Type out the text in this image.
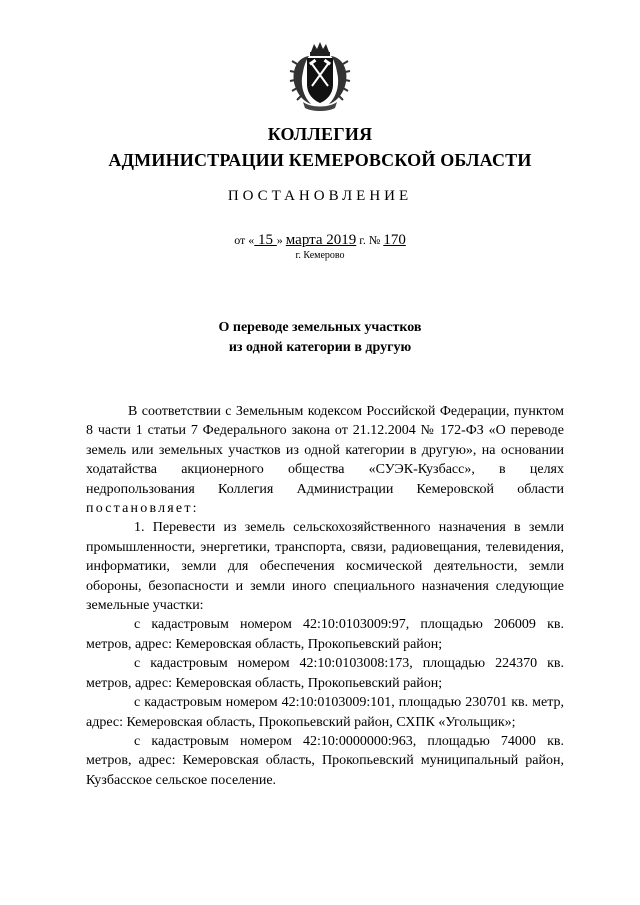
КОЛЛЕГИЯ
АДМИНИСТРАЦИИ КЕМЕРОВСКОЙ ОБЛАСТИ
ПОСТАНОВЛЕНИЕ
от « 15 » марта 2019 г. № 170
г. Кемерово
О переводе земельных участков
из одной категории в другую

В соответствии с Земельным кодексом Российской Федерации, пунктом 8 части 1 статьи 7 Федерального закона от 21.12.2004 № 172-ФЗ «О переводе земель или земельных участков из одной категории в другую», на основании ходатайства акционерного общества «СУЭК-Кузбасс», в целях недропользования Коллегия Администрации Кемеровской области постановляет:

1. Перевести из земель сельскохозяйственного назначения в земли промышленности, энергетики, транспорта, связи, радиовещания, телевидения, информатики, земли для обеспечения космической деятельности, земли обороны, безопасности и земли иного специального назначения следующие земельные участки:

с кадастровым номером 42:10:0103009:97, площадью 206009 кв. метров, адрес: Кемеровская область, Прокопьевский район;

с кадастровым номером 42:10:0103008:173, площадью 224370 кв. метров, адрес: Кемеровская область, Прокопьевский район;

с кадастровым номером 42:10:0103009:101, площадью 230701 кв. метр, адрес: Кемеровская область, Прокопьевский район, СХПК «Угольщик»;

с кадастровым номером 42:10:0000000:963, площадью 74000 кв. метров, адрес: Кемеровская область, Прокопьевский муниципальный район, Кузбасское сельское поселение.
